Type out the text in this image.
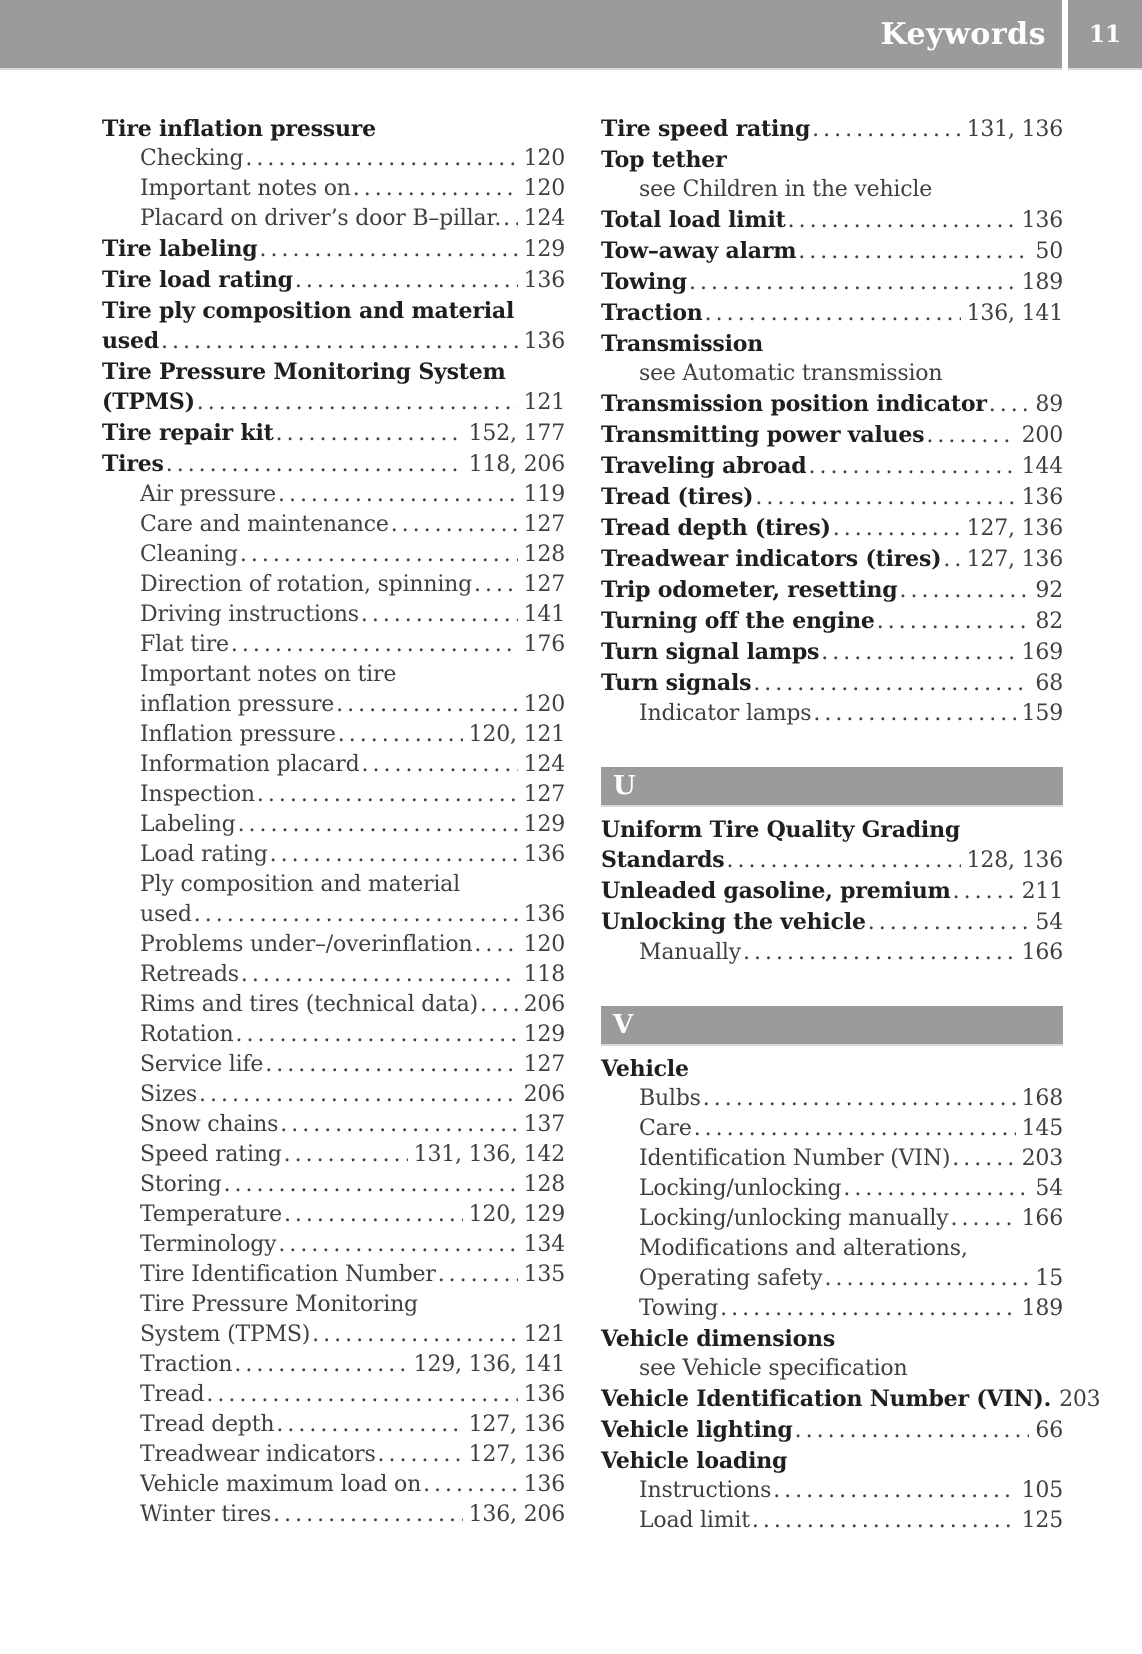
Keywords 11
Tire inflation pressure
Checking .....	120
Important notes on .....	120
Placard on driver’s door B–pillar. ..... 124
Tire labeling .....	129
Tire load rating .....	136
Tire ply composition and material
used .....	136
Tire Pressure Monitoring System
(TPMS) .....	121
Tire repair kit .....	152, 177
Tires .....	118, 206
Air pressure .....	119
Care and maintenance .....	127
Cleaning .....	128
Direction of rotation, spinning ..... 127
Driving instructions .....	141
Flat tire .....	176
Important notes on tire
inflation pressure .....	120
Inflation pressure .....	120, 121
Information placard .....	124
Inspection .....	127
Labeling .....	129
Load rating .....	136
Ply composition and material
used .....	136
Problems under–/overinflation ..... 120
Retreads .....	118
Rims and tires (technical data) ..... 206
Rotation .....	129
Service life .....	127
Sizes .....	206
Snow chains .....	137
Speed rating .....	131, 136, 142
Storing .....	128
Temperature .....	120, 129
Terminology .....	134
Tire Identification Number .....	135
Tire Pressure Monitoring
System (TPMS) .....	121
Traction .....	129, 136, 141
Tread .....	136
Tread depth .....	127, 136
Treadwear indicators .....	127, 136
Vehicle maximum load on .....	136
Winter tires .....	136, 206
Tire speed rating .....	131, 136
Top tether
see Children in the vehicle
Total load limit .....	136
Tow–away alarm .....	50
Towing .....	189
Traction .....	136, 141
Transmission
see Automatic transmission
Transmission position indicator ..... 89
Transmitting power values .....	200
Traveling abroad .....	144
Tread (tires) .....	136
Tread depth (tires) .....	127, 136
Treadwear indicators (tires) ..... 127, 136
Trip odometer, resetting .....	92
Turning off the engine .....	82
Turn signal lamps .....	169
Turn signals .....	68
Indicator lamps .....	159
U
Uniform Tire Quality Grading
Standards .....	128, 136
Unleaded gasoline, premium .....	211
Unlocking the vehicle .....	54
Manually .....	166
V
Vehicle
Bulbs .....	168
Care .....	145
Identification Number (VIN) .....	203
Locking/unlocking .....	54
Locking/unlocking manually .....	166
Modifications and alterations,
Operating safety .....	15
Towing .....	189
Vehicle dimensions
see Vehicle specification
Vehicle Identification Number (VIN). 203
Vehicle lighting .....	66
Vehicle loading
Instructions .....	105
Load limit .....	125
